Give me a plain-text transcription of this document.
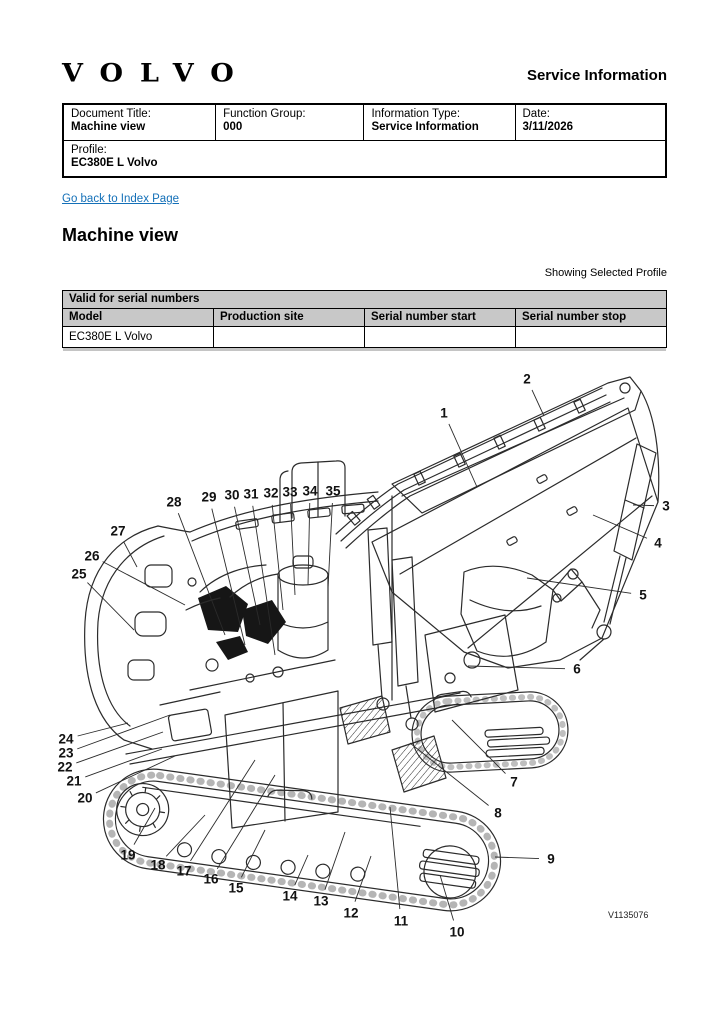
VOLVO	Service Information
Document Title:
Machine view

Function Group:
000

Information Type:
Service Information

Date:
3/11/2026

Profile:
EC380E L Volvo
Go back to Index Page
Machine view
Showing Selected Profile
Valid for serial numbers			
Model	Production site	Serial number start	Serial number stop
EC380E L Volvo			
1
2
3
4
5
6
7
8
9
10
11
12
13
14
15
16
17
18
19
20
21
22
23
24
25
26
27
28 29 30 31 32 33 34 35
V1135076
